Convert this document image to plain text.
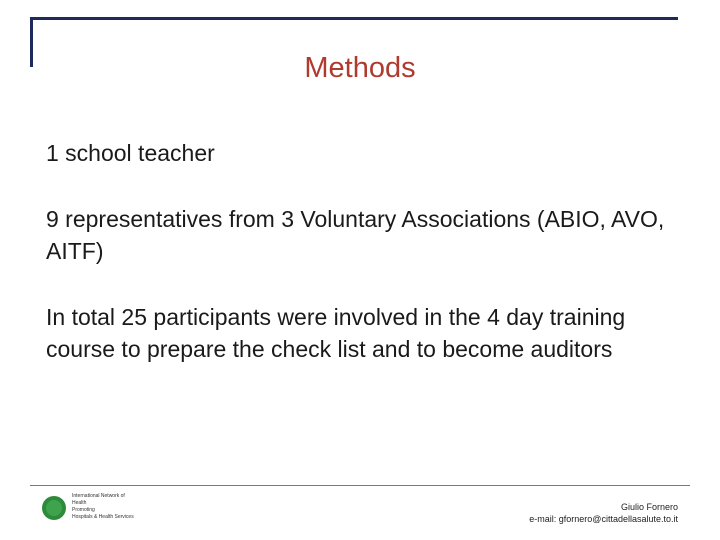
Methods

1 school teacher

9 representatives from 3 Voluntary Associations (ABIO, AVO, AITF)

In total 25 participants were involved in the 4 day training course to prepare the check list and to become auditors

International Network of
Health
Promoting
Hospitals & Health Services
Giulio Fornero
e-mail: gfornero@cittadellasalute.to.it
